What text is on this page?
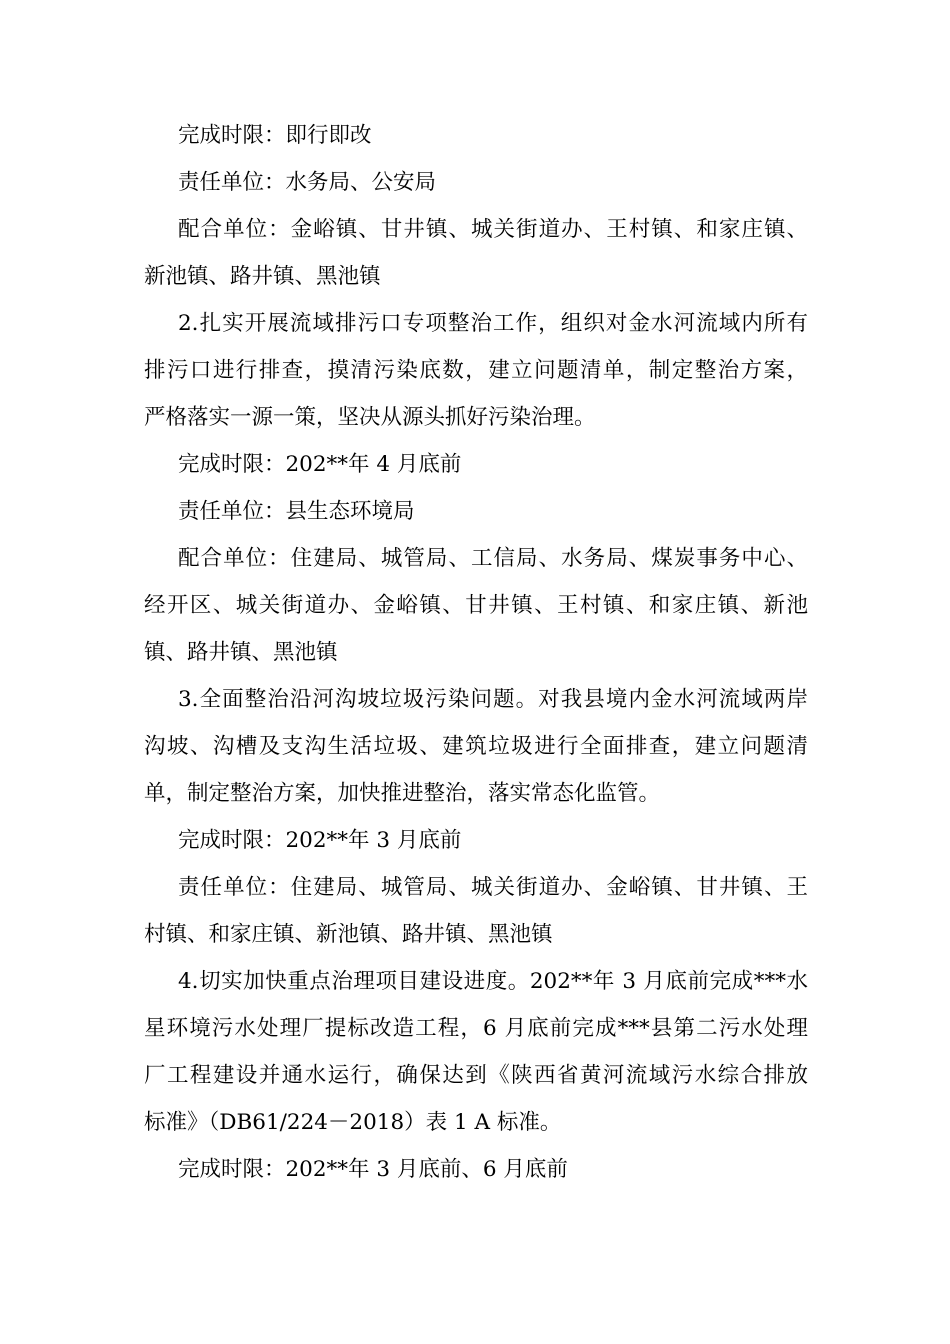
完成时限：即行即改
责任单位：水务局、公安局
配合单位：金峪镇、甘井镇、城关街道办、王村镇、和家庄镇、
新池镇、路井镇、黑池镇
2.扎实开展流域排污口专项整治工作，组织对金水河流域内所有
排污口进行排查，摸清污染底数，建立问题清单，制定整治方案，
严格落实一源一策，坚决从源头抓好污染治理。
完成时限：202**年 4 月底前
责任单位：县生态环境局
配合单位：住建局、城管局、工信局、水务局、煤炭事务中心、
经开区、城关街道办、金峪镇、甘井镇、王村镇、和家庄镇、新池
镇、路井镇、黑池镇
3.全面整治沿河沟坡垃圾污染问题。对我县境内金水河流域两岸
沟坡、沟槽及支沟生活垃圾、建筑垃圾进行全面排查，建立问题清
单，制定整治方案，加快推进整治，落实常态化监管。
完成时限：202**年 3 月底前
责任单位：住建局、城管局、城关街道办、金峪镇、甘井镇、王
村镇、和家庄镇、新池镇、路井镇、黑池镇
4.切实加快重点治理项目建设进度。202**年 3 月底前完成***水
星环境污水处理厂提标改造工程，6 月底前完成***县第二污水处理
厂工程建设并通水运行，确保达到《陕西省黄河流域污水综合排放
标准》（DB61/224－2018）表 1 A 标准。
完成时限：202**年 3 月底前、6 月底前
